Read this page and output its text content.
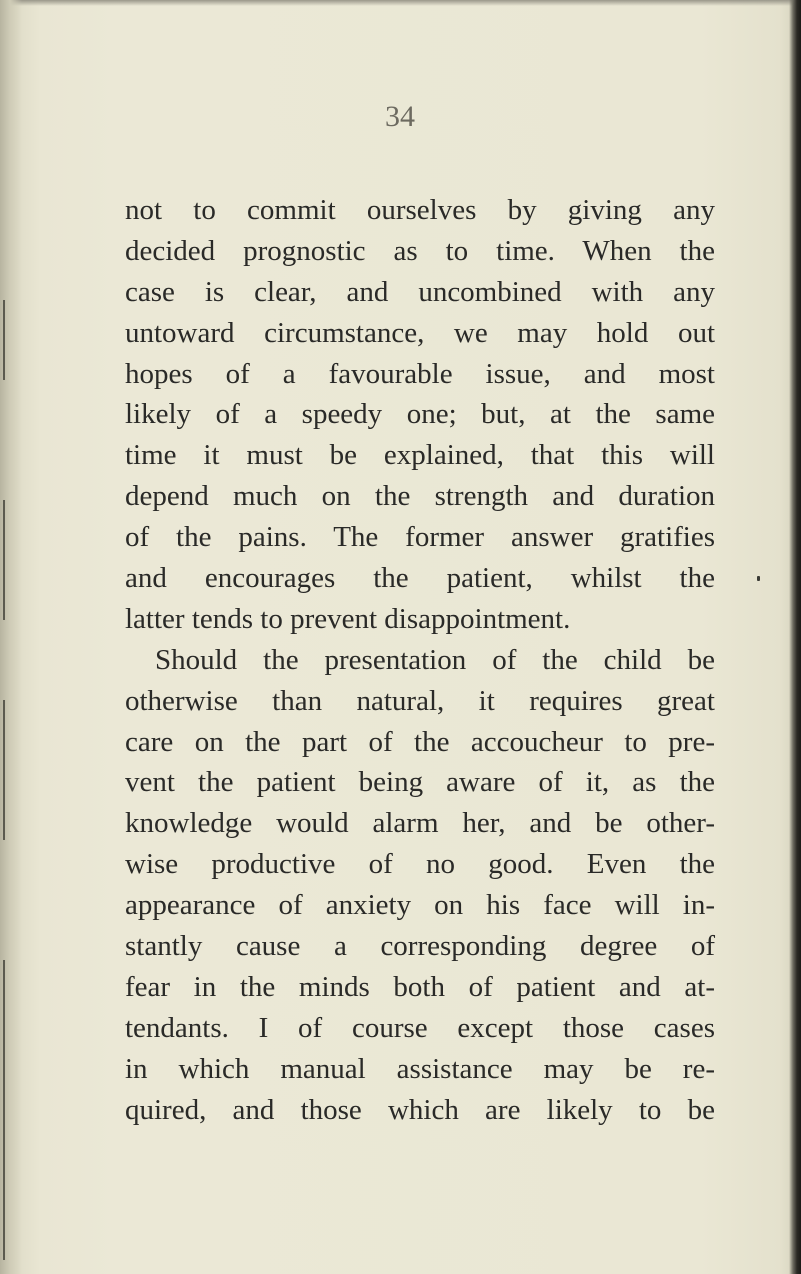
34
not to commit ourselves by giving any
decided prognostic as to time. When the
case is clear, and uncombined with any
untoward circumstance, we may hold out
hopes of a favourable issue, and most
likely of a speedy one; but, at the same
time it must be explained, that this will
depend much on the strength and duration
of the pains. The former answer gratifies
and encourages the patient, whilst the
latter tends to prevent disappointment.
Should the presentation of the child be
otherwise than natural, it requires great
care on the part of the accoucheur to pre-
vent the patient being aware of it, as the
knowledge would alarm her, and be other-
wise productive of no good. Even the
appearance of anxiety on his face will in-
stantly cause a corresponding degree of
fear in the minds both of patient and at-
tendants. I of course except those cases
in which manual assistance may be re-
quired, and those which are likely to be
